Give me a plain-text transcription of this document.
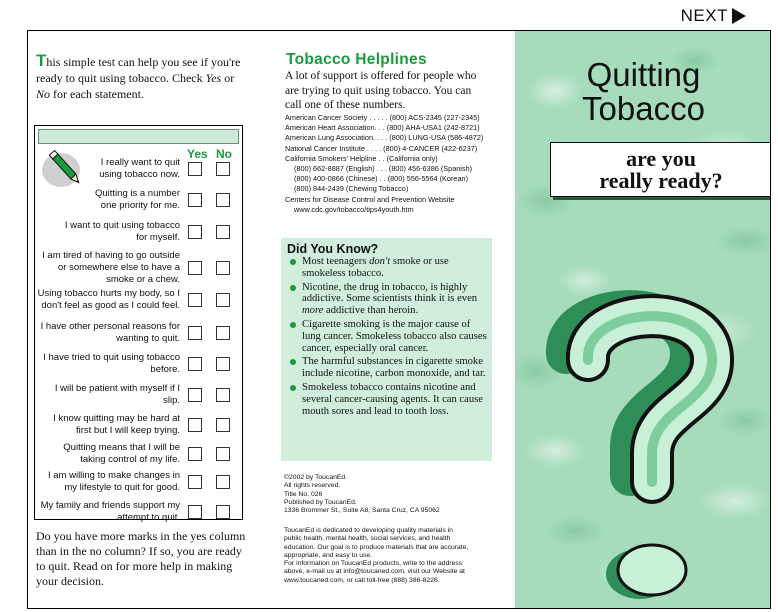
NEXT
This simple test can help you see if you're
ready to quit using tobacco. Check Yes or
No for each statement.
Yes No
I really want to quit
using tobacco now.
Quitting is a number
one priority for me.
I want to quit using tobacco
for myself.
I am tired of having to go outside
or somewhere else to have a
smoke or a chew.
Using tobacco hurts my body, so I
don't feel as good as I could feel.
I have other personal reasons for
wanting to quit.
I have tried to quit using tobacco
before.
I will be patient with myself if I
slip.
I know quitting may be hard at
first but I will keep trying.
Quitting means that I will be
taking control of my life.
I am willing to make changes in
my lifestyle to quit for good.
My family and friends support my
attempt to quit.
Do you have more marks in the yes column
than in the no column? If so, you are ready
to quit. Read on for more help in making
your decision.
Tobacco Helplines
A lot of support is offered for people who
are trying to quit using tobacco. You can
call one of these numbers.
American Cancer Society . . . . . (800) ACS-2345 (227-2345)
American Heart Association. . . (800) AHA-USA1 (242-8721)
American Lung Association. . . . (800) LUNG-USA (586-4872)
National Cancer Institute . . . . (800) 4-CANCER (422-6237)
California Smokers' Helpline . . (California only)
(800) 662-8887 (English) . . . (800) 456-6386 (Spanish)
(800) 400-0866 (Chinese) . . (800) 556-5564 (Korean)
(800) 844-2439 (Chewing Tobacco)
Centers for Disease Control and Prevention Website
www.cdc.gov/tobacco/tips4youth.htm
Did You Know?
Most teenagers don't smoke or use smokeless tobacco.
Nicotine, the drug in tobacco, is highly addictive. Some scientists think it is even more addictive than heroin.
Cigarette smoking is the major cause of lung cancer. Smokeless tobacco also causes cancer, especially oral cancer.
The harmful substances in cigarette smoke include nicotine, carbon monoxide, and tar.
Smokeless tobacco contains nicotine and several cancer-causing agents. It can cause mouth sores and lead to tooth loss.
©2002 by ToucanEd.
All rights reserved.
Title No. 026
Published by ToucanEd.
1336 Brommer St., Suite A8, Santa Cruz, CA 95062
ToucanEd is dedicated to developing quality materials in
public health, mental health, social services, and health
education. Our goal is to produce materials that are accurate,
appropriate, and easy to use.
For information on ToucanEd products, write to the address
above, e-mail us at info@toucaned.com, visit our Website at
www.toucaned.com, or call toll-free (888) 386-8226.
Quitting
Tobacco
are you
really ready?
